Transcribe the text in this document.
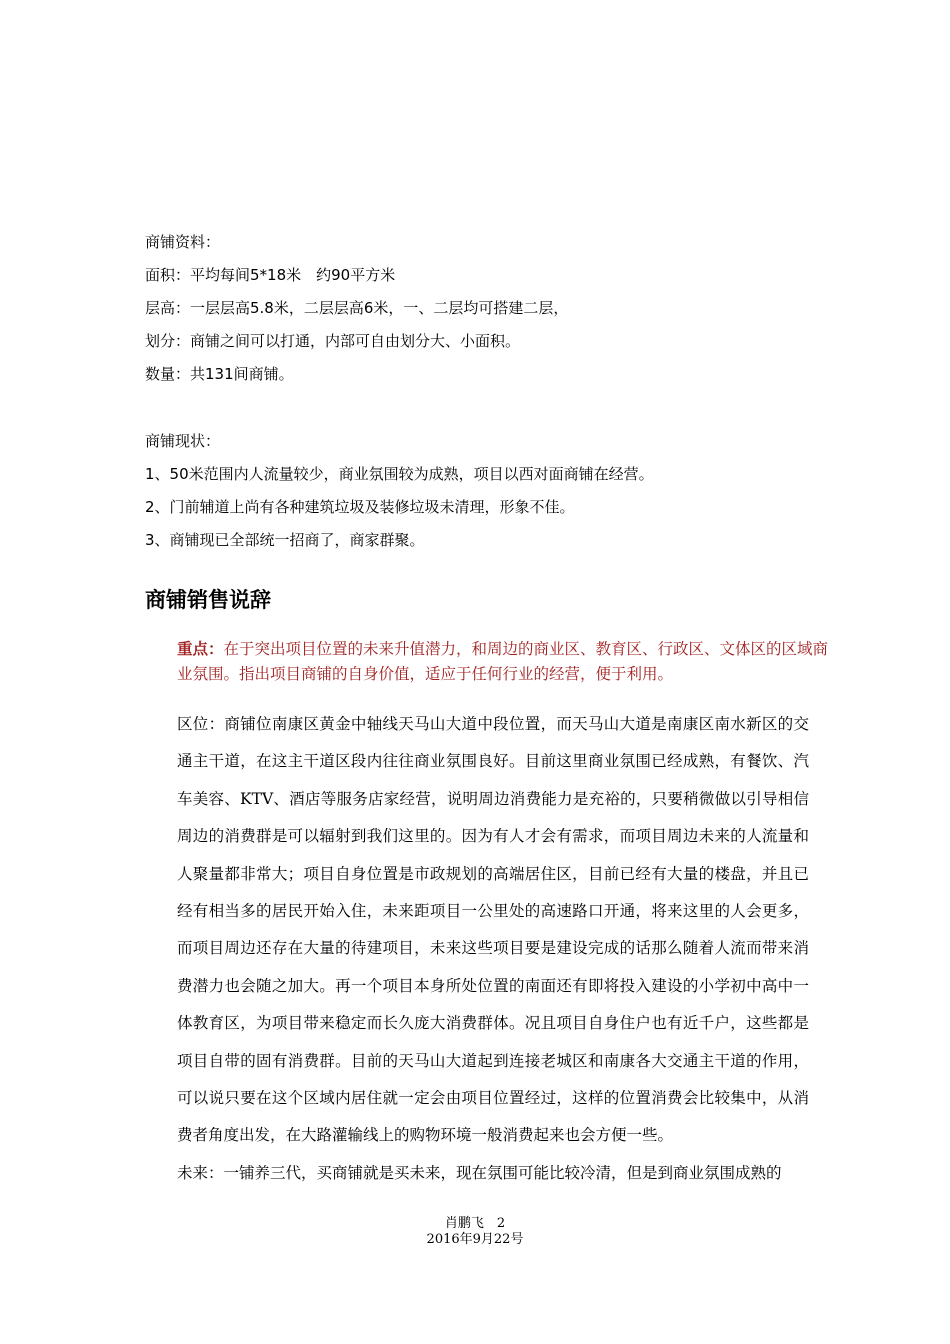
商铺资料：
面积：平均每间5*18米　约90平方米
层高：一层层高5.8米，二层层高6米，一、二层均可搭建二层，
划分：商铺之间可以打通，内部可自由划分大、小面积。
数量：共131间商铺。
商铺现状：
1、50米范围内人流量较少，商业氛围较为成熟，项目以西对面商铺在经营。
2、门前辅道上尚有各种建筑垃圾及装修垃圾未清理，形象不佳。
3、商铺现已全部统一招商了，商家群聚。
商铺销售说辞
重点：在于突出项目位置的未来升值潜力，和周边的商业区、教育区、行政区、文体区的区域商业氛围。指出项目商铺的自身价值，适应于任何行业的经营，便于利用。
区位：商铺位南康区黄金中轴线天马山大道中段位置，而天马山大道是南康区南水新区的交通主干道，在这主干道区段内往往商业氛围良好。目前这里商业氛围已经成熟，有餐饮、汽车美容、KTV、酒店等服务店家经营，说明周边消费能力是充裕的，只要稍微做以引导相信周边的消费群是可以辐射到我们这里的。因为有人才会有需求，而项目周边未来的人流量和人聚量都非常大；项目自身位置是市政规划的高端居住区，目前已经有大量的楼盘，并且已经有相当多的居民开始入住，未来距项目一公里处的高速路口开通，将来这里的人会更多，而项目周边还存在大量的待建项目，未来这些项目要是建设完成的话那么随着人流而带来消费潜力也会随之加大。再一个项目本身所处位置的南面还有即将投入建设的小学初中高中一体教育区，为项目带来稳定而长久庞大消费群体。况且项目自身住户也有近千户，这些都是项目自带的固有消费群。目前的天马山大道起到连接老城区和南康各大交通主干道的作用，可以说只要在这个区域内居住就一定会由项目位置经过，这样的位置消费会比较集中，从消费者角度出发，在大路灌输线上的购物环境一般消费起来也会方便一些。
未来：一铺养三代，买商铺就是买未来，现在氛围可能比较冷清，但是到商业氛围成熟的
肖鹏飞　2
2016年9月22号
